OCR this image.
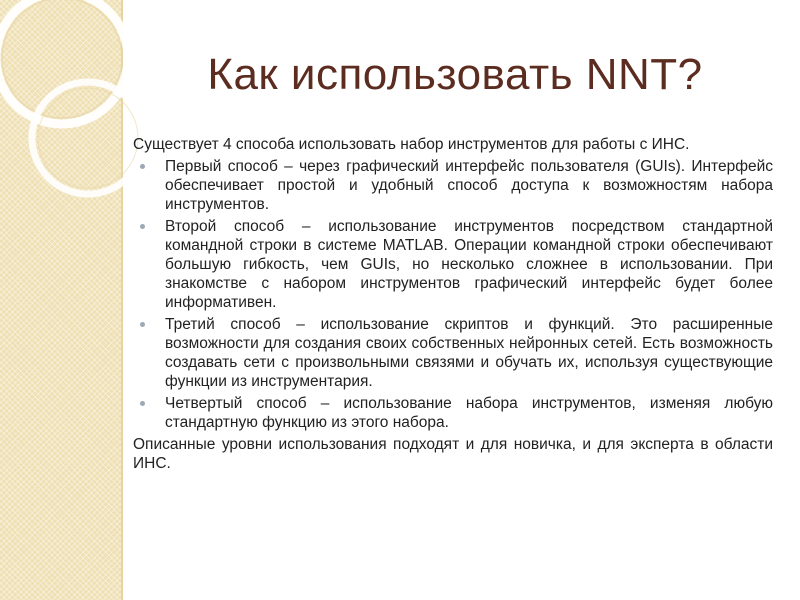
Как использовать NNT?

Существует 4 способа использовать набор инструментов для работы с ИНС.

Первый способ – через графический интерфейс пользователя (GUIs). Интерфейс обеспечивает простой и удобный способ доступа к возможностям набора инструментов.
Второй способ – использование инструментов посредством стандартной командной строки в системе MATLAB. Операции командной строки обеспечивают большую гибкость, чем GUIs, но несколько сложнее в использовании. При знакомстве с набором инструментов графический интерфейс будет более информативен.
Третий способ – использование скриптов и функций. Это расширенные возможности для создания своих собственных нейронных сетей. Есть возможность создавать сети с произвольными связями и обучать их, используя существующие функции из инструментария.
Четвертый способ – использование набора инструментов, изменяя любую стандартную функцию из этого набора.

Описанные уровни использования подходят и для новичка, и для эксперта в области ИНС.
